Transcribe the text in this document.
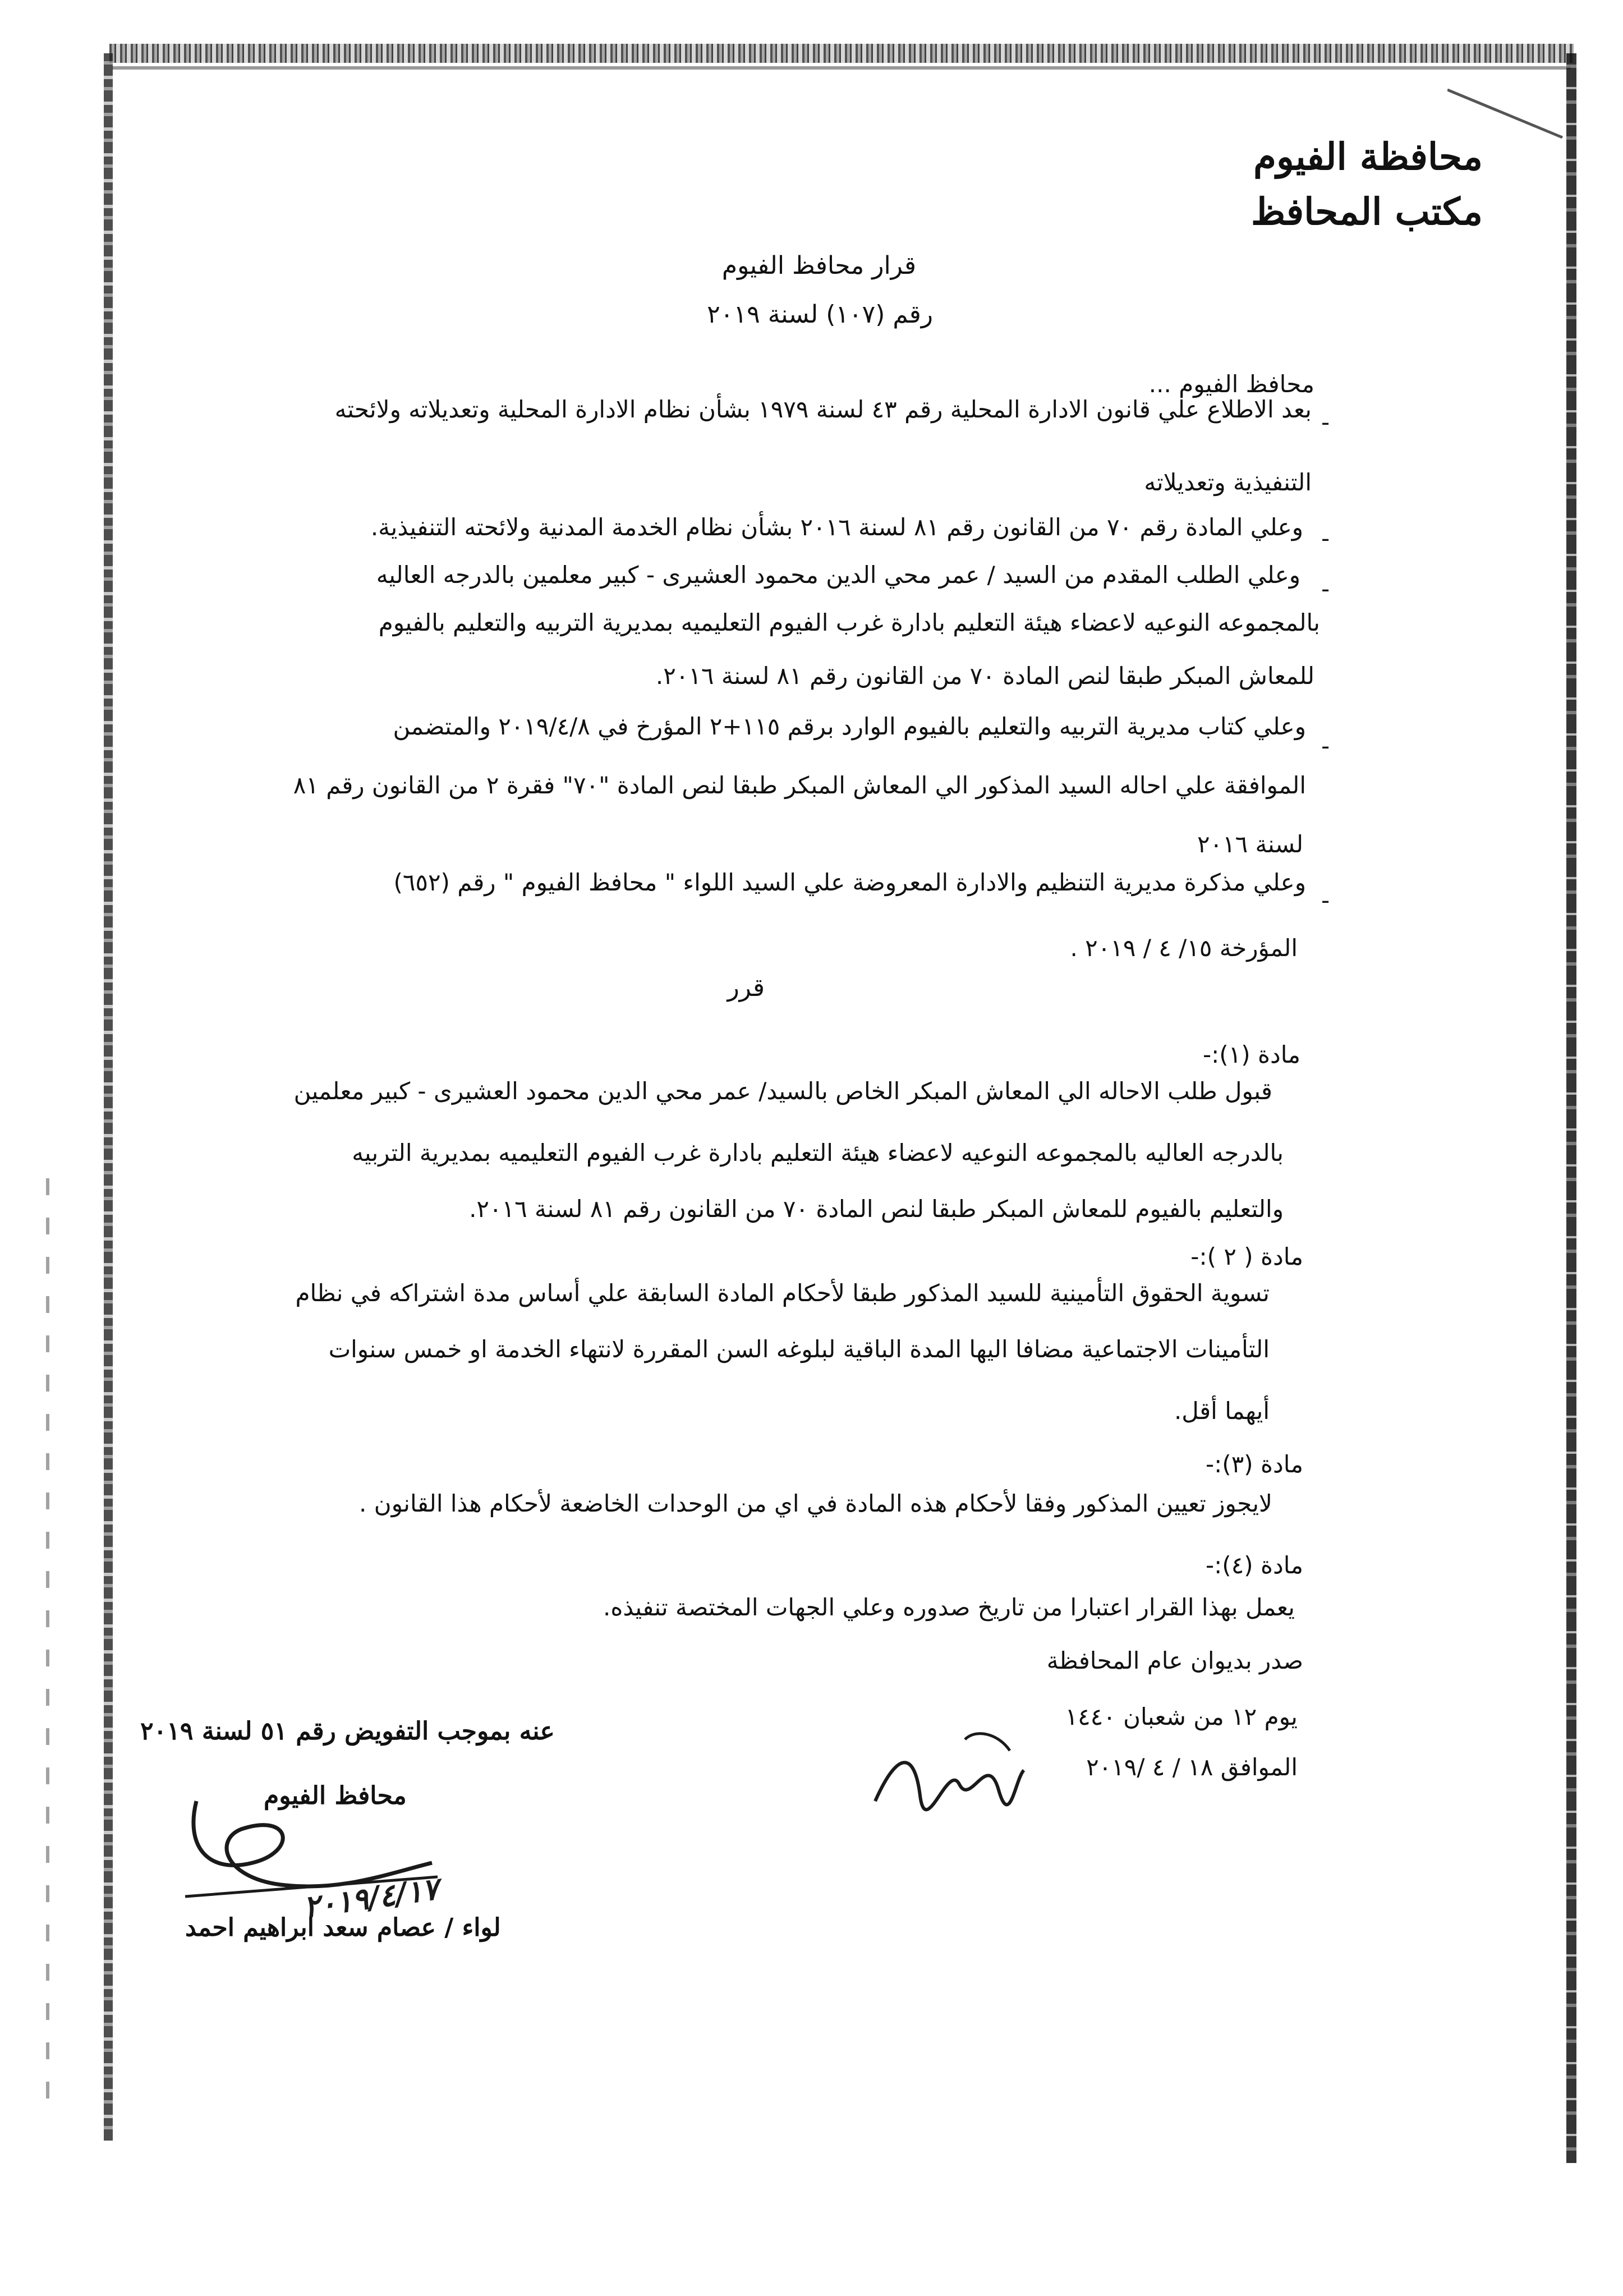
محافظة الفيوم
مكتب المحافظ
قرار محافظ الفيوم
رقم (١٠٧) لسنة ٢٠١٩
محافظ الفيوم ...
-
بعد الاطلاع علي قانون الادارة المحلية رقم ٤٣ لسنة ١٩٧٩ بشأن نظام الادارة المحلية وتعديلاته ولائحته
التنفيذية وتعديلاته
-
وعلي المادة رقم ٧٠ من القانون رقم ٨١ لسنة ٢٠١٦ بشأن نظام الخدمة المدنية ولائحته التنفيذية.
-
وعلي الطلب المقدم من السيد / عمر محي الدين محمود العشيرى - كبير معلمين بالدرجه العاليه
بالمجموعه النوعيه لاعضاء هيئة التعليم بادارة غرب الفيوم التعليميه بمديرية التربيه والتعليم بالفيوم
للمعاش المبكر طبقا لنص المادة ٧٠ من القانون رقم ٨١ لسنة ٢٠١٦.
-
وعلي كتاب مديرية التربيه والتعليم بالفيوم الوارد برقم ١١٥+٢ المؤرخ في ٢٠١٩/٤/٨ والمتضمن
الموافقة علي احاله السيد المذكور الي المعاش المبكر طبقا لنص المادة "٧٠" فقرة ٢ من القانون رقم ٨١
لسنة ٢٠١٦
-
وعلي مذكرة مديرية التنظيم والادارة المعروضة علي السيد اللواء " محافظ الفيوم " رقم (٦٥٢)
المؤرخة ١٥/ ٤ / ٢٠١٩ .
قرر
مادة (١):-
قبول طلب الاحاله الي المعاش المبكر الخاص بالسيد/ عمر محي الدين محمود العشيرى - كبير معلمين
بالدرجه العاليه بالمجموعه النوعيه لاعضاء هيئة التعليم بادارة غرب الفيوم التعليميه بمديرية التربيه
والتعليم بالفيوم للمعاش المبكر طبقا لنص المادة ٧٠ من القانون رقم ٨١ لسنة ٢٠١٦.
مادة ( ٢ ):-
تسوية الحقوق التأمينية للسيد المذكور طبقا لأحكام المادة السابقة علي أساس مدة اشتراكه في نظام
التأمينات الاجتماعية مضافا اليها المدة الباقية لبلوغه السن المقررة لانتهاء الخدمة او خمس سنوات
أيهما أقل.
مادة (٣):-
لايجوز تعيين المذكور وفقا لأحكام هذه المادة في اي من الوحدات الخاضعة لأحكام هذا القانون .
مادة (٤):-
يعمل بهذا القرار اعتبارا من تاريخ صدوره وعلي الجهات المختصة تنفيذه.
صدر بديوان عام المحافظة
يوم ١٢ من شعبان ١٤٤٠
الموافق ١٨ / ٤ /٢٠١٩
عنه بموجب التفويض رقم ٥١ لسنة ٢٠١٩
محافظ الفيوم
٢٠١٩/٤/١٧
لواء / عصام سعد ابراهيم احمد
